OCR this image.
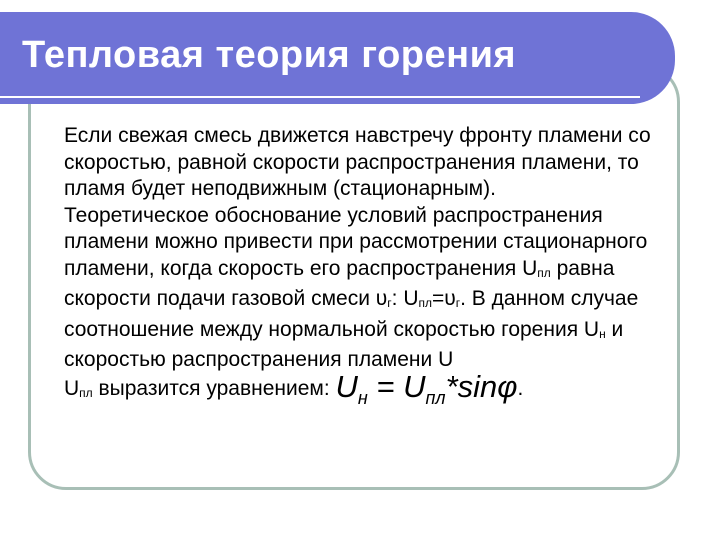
Тепловая теория горения

Если свежая смесь движется навстречу фронту пламени со скоростью, равной скорости распространения пламени, то пламя будет неподвижным (стационарным).

Теоретическое обоснование условий распространения пламени можно привести при рассмотрении стационарного пламени, когда скорость его распространения Uпл равна скорости подачи газовой смеси υг: Uпл=υг. В данном случае соотношение между нормальной скоростью горения Uн и скоростью распространения пламени U
Uпл выразится уравнением: $U_н = U_{пл}*\sin\varphi$.
